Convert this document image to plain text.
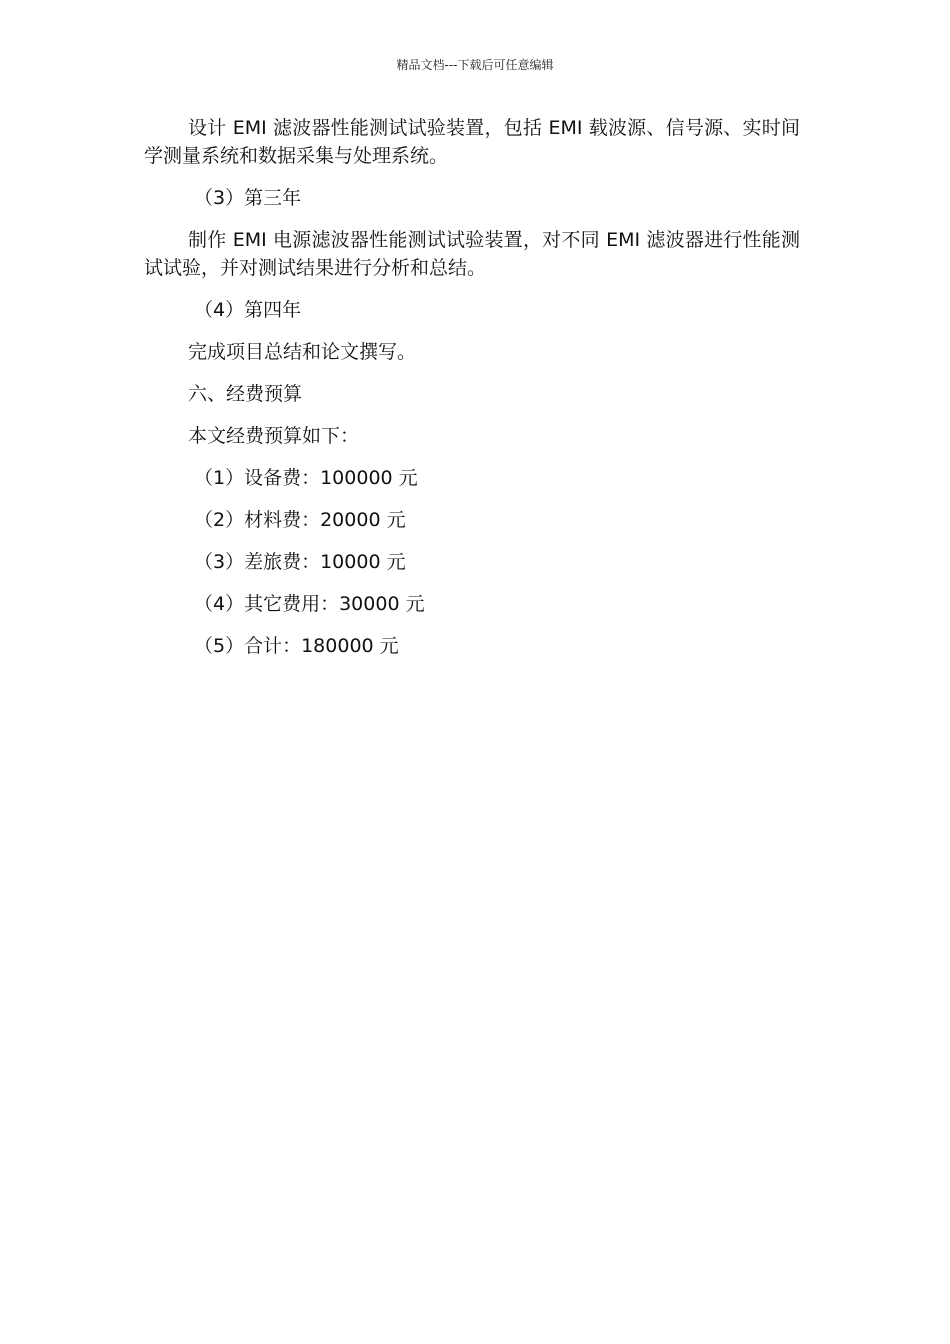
精品文档---下载后可任意编辑

设计 EMI 滤波器性能测试试验装置，包括 EMI 载波源、信号源、实时间学测量系统和数据采集与处理系统。

（3）第三年

制作 EMI 电源滤波器性能测试试验装置，对不同 EMI 滤波器进行性能测试试验，并对测试结果进行分析和总结。

（4）第四年

完成项目总结和论文撰写。

六、经费预算

本文经费预算如下：

（1）设备费：100000 元

（2）材料费：20000 元

（3）差旅费：10000 元

（4）其它费用：30000 元

（5）合计：180000 元
